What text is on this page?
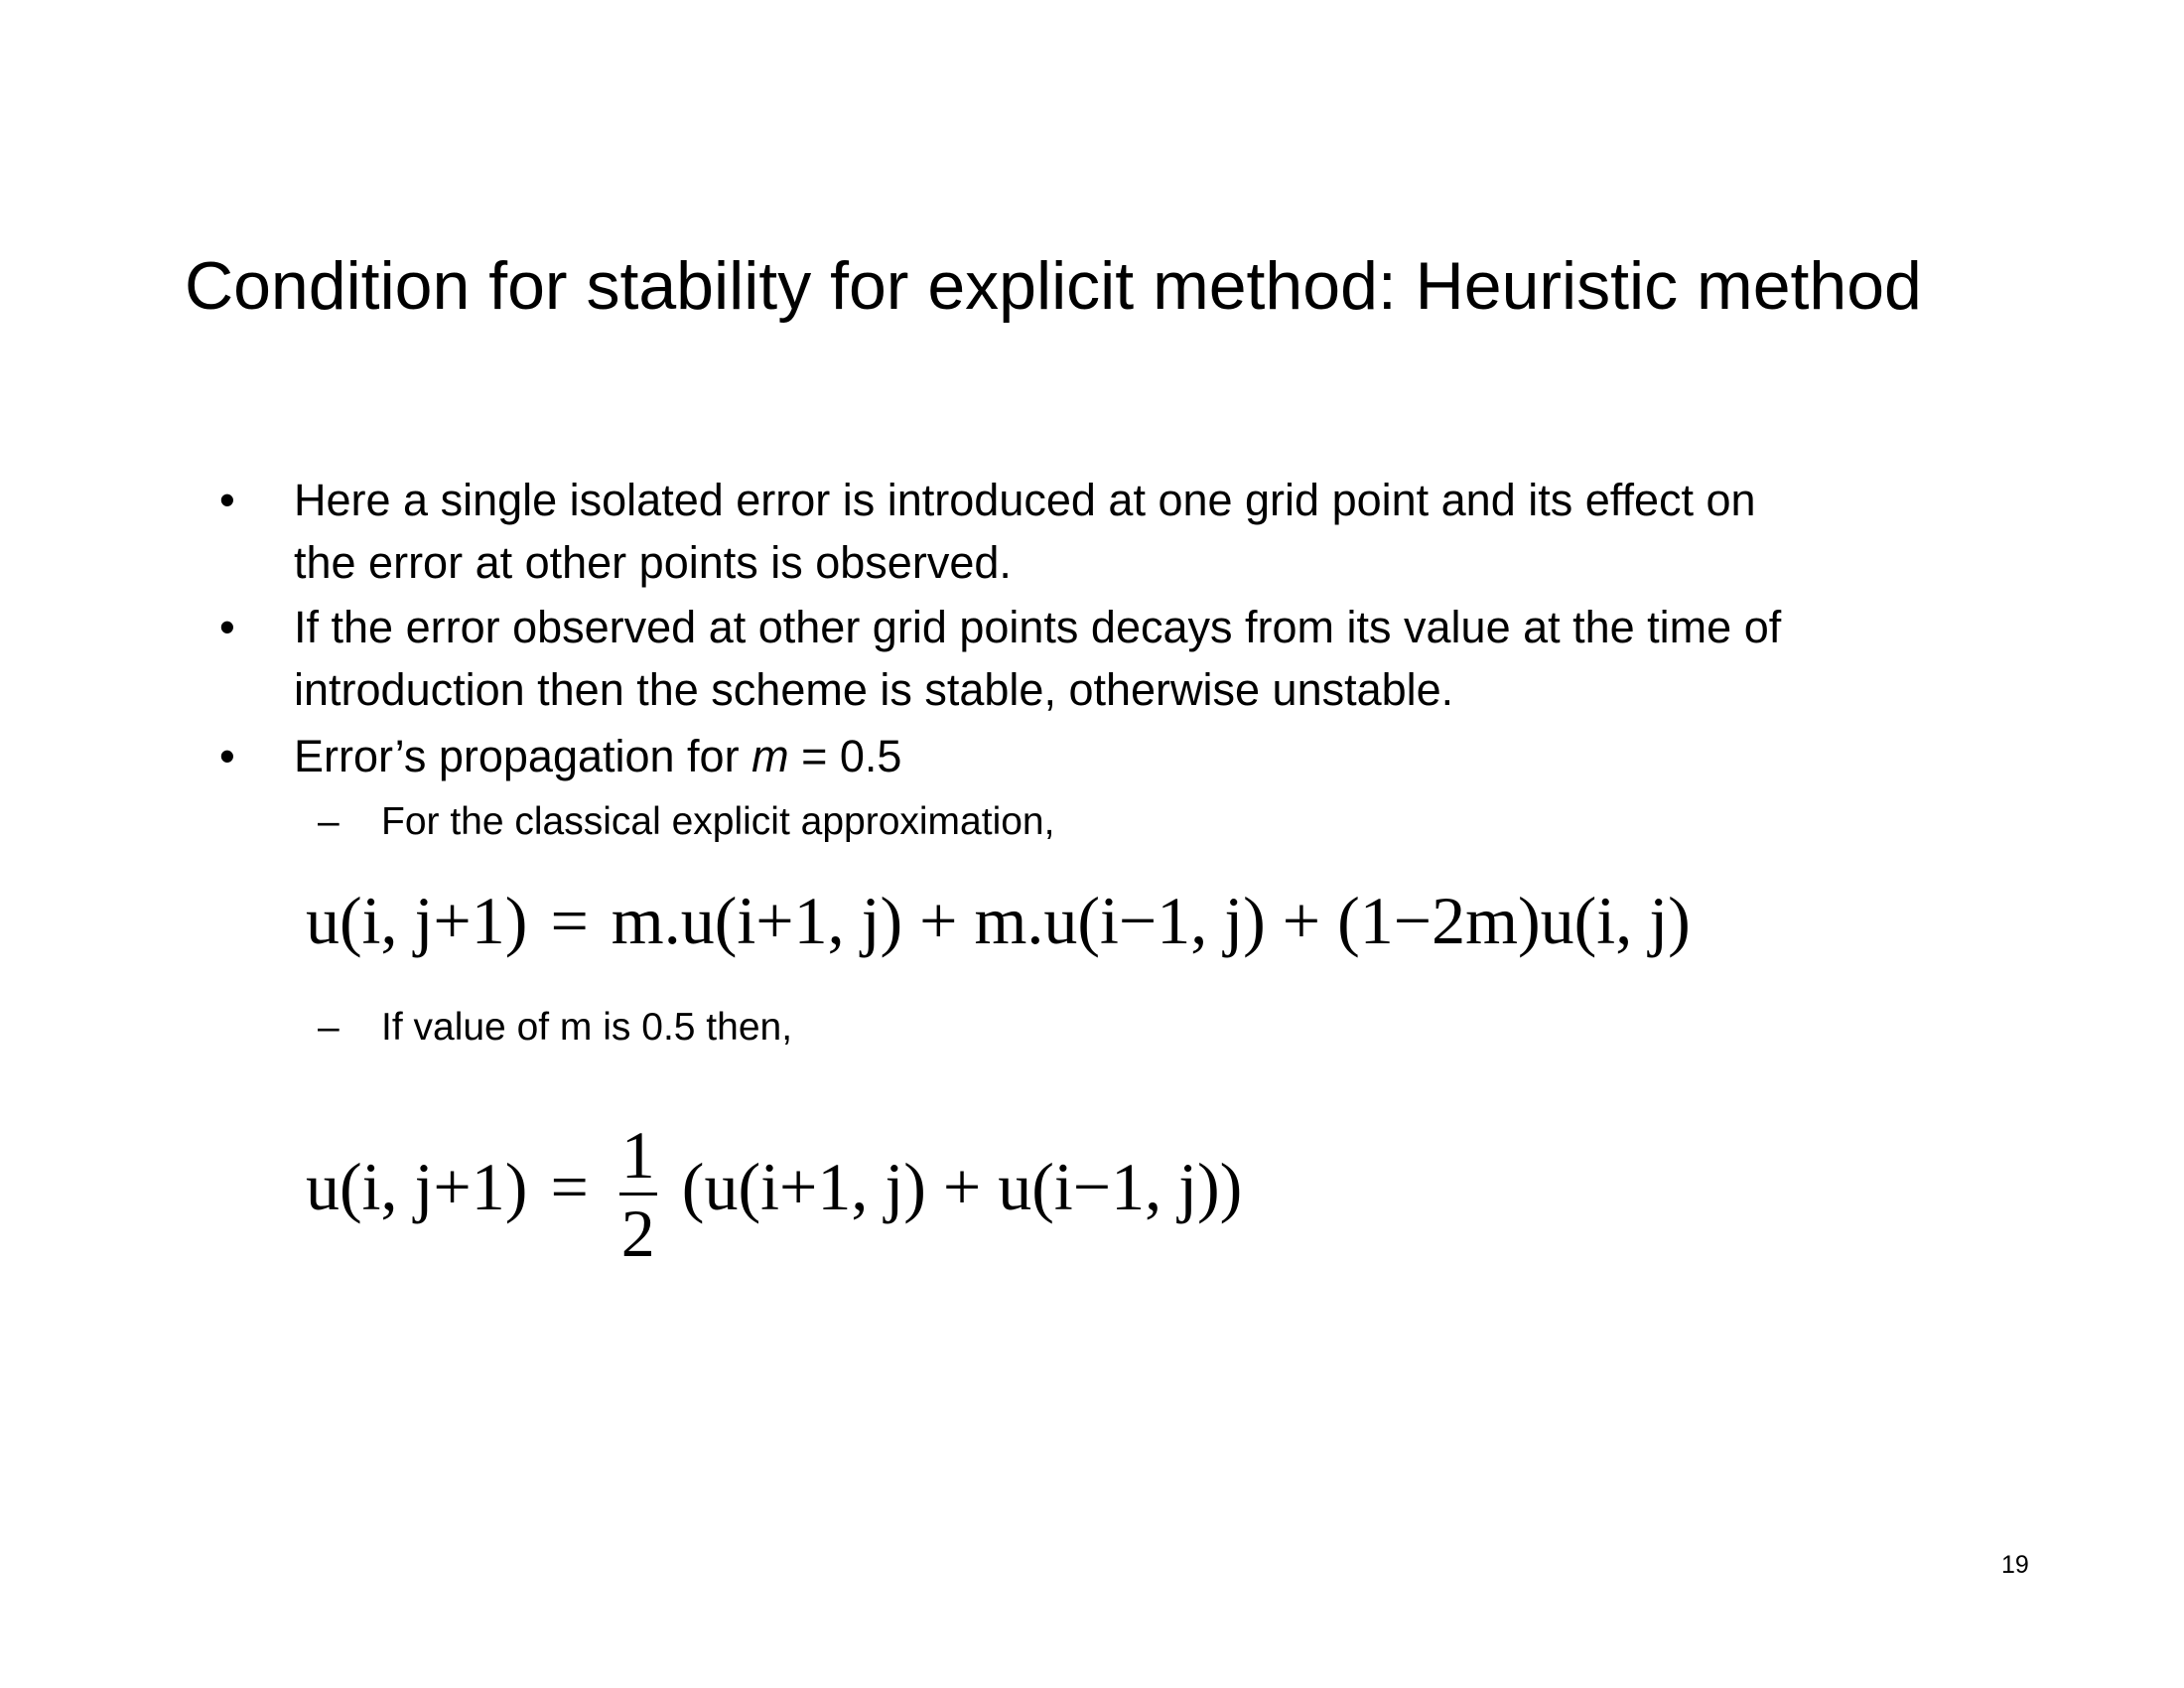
Condition for stability for explicit method: Heuristic method
• Here a single isolated error is introduced at one grid point and its effect on
the error at other points is observed.
• If the error observed at other grid points decays from its value at the time of
introduction then the scheme is stable, otherwise unstable.
• Error’s propagation for m = 0.5
– For the classical explicit approximation,
u(i, j+1) = m.u(i+1, j) + m.u(i−1, j) + (1−2m)u(i, j)
– If value of m is 0.5 then,
u(i, $j+1) = \frac{1}{2} (u(i+1$, j) + u(i−1, j))
19
